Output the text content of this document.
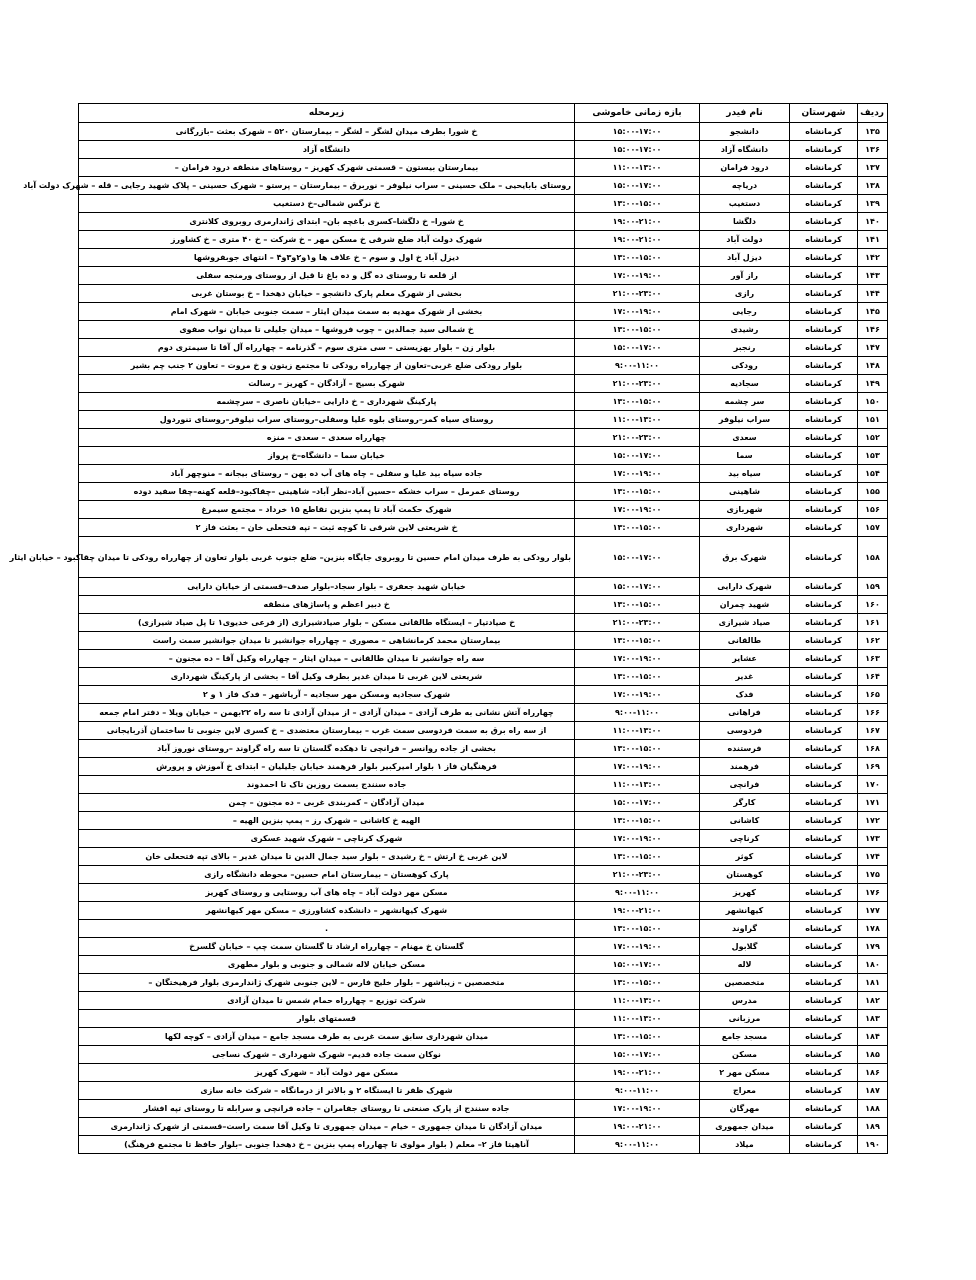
ردیف	شهرستان	نام فیدر	بازه زمانی خاموشی	زیرمحله
۱۳۵	کرمانشاه	دانشجو	۱۵:۰۰-۱۷:۰۰	خ شورا بطرف میدان لشگر – لشگر – بیمارستان ۵۲۰ – شهرک بعثت –بازرگانی
۱۳۶	کرمانشاه	دانشگاه آزاد	۱۵:۰۰-۱۷:۰۰	دانشگاه آزاد
۱۳۷	کرمانشاه	درود فرامان	۱۱:۰۰-۱۳:۰۰	بیمارستان بیستون – قسمتی شهرک کهریز – روستاهای منطقه درود فرامان –
۱۳۸	کرمانشاه	دریاچه	۱۵:۰۰-۱۷:۰۰	روستای بابایحیی – ملک حسینی – سراب نیلوفر – نوربرق – بیمارستان – پرستو – شهرک حسینی – پلاک شهید رجایی – قله – شهرک دولت آباد
۱۳۹	کرمانشاه	دستغیب	۱۳:۰۰-۱۵:۰۰	خ نرگس شمالی–خ دستغیب
۱۴۰	کرمانشاه	دلگشا	۱۹:۰۰-۲۱:۰۰	خ شورا– خ دلگشا–کسری باغچه بان– ابتدای ژاندارمری روبروی کلانتری
۱۴۱	کرمانشاه	دولت آباد	۱۹:۰۰-۲۱:۰۰	شهرک دولت آباد ضلع شرقی خ مسکن مهر – خ شرکت – خ ۴۰ متری – خ کشاورز
۱۴۲	کرمانشاه	دیزل آباد	۱۳:۰۰-۱۵:۰۰	دیزل آباد خ اول و سوم – خ علاف ها و۱و۲و۳و۴ – انتهای جوبفروشها
۱۴۳	کرمانشاه	راز آور	۱۷:۰۰-۱۹:۰۰	از قلعه تا روستای ده گل و ده باغ تا قبل از روستای ورمنجه سفلی
۱۴۴	کرمانشاه	رازی	۲۱:۰۰-۲۳:۰۰	بخشی از شهرک معلم پارک دانشجو – خیابان دهخدا – خ بوستان غربی
۱۴۵	کرمانشاه	رجایی	۱۷:۰۰-۱۹:۰۰	بخشی از شهرک مهدیه به سمت میدان ایثار – سمت جنوبی خیابان – شهرک امام
۱۴۶	کرمانشاه	رشیدی	۱۳:۰۰-۱۵:۰۰	خ شمالی سید جمالدین – چوب فروشها – میدان جلیلی تا میدان نواب صفوی
۱۴۷	کرمانشاه	رنجبر	۱۵:۰۰-۱۷:۰۰	بلوار زن – بلوار بهزیستی – سی متری سوم – گذرنامه – چهارراه آل آقا تا سیمتری دوم
۱۴۸	کرمانشاه	رودکی	۹:۰۰-۱۱:۰۰	بلوار رودکی ضلع غربی–تعاون از چهارراه رودکی تا مجتمع زیتون و خ مروت – تعاون ۲ جنب چم بشیر
۱۴۹	کرمانشاه	سجادیه	۲۱:۰۰-۲۳:۰۰	شهرک بسیج – آزادگان – کهریز – رسالت
۱۵۰	کرمانشاه	سر چشمه	۱۳:۰۰-۱۵:۰۰	پارکینگ شهرداری – خ دارایی –خیابان ناصری – سرچشمه
۱۵۱	کرمانشاه	سراب نیلوفر	۱۱:۰۰-۱۳:۰۰	روستای سیاه کمر–روستای بلوه علیا وسفلی–روستای سراب نیلوفر–روستای تنوردول
۱۵۲	کرمانشاه	سعدی	۲۱:۰۰-۲۳:۰۰	چهارراه سعدی – سعدی – منزه
۱۵۳	کرمانشاه	سما	۱۵:۰۰-۱۷:۰۰	خیابان سما – دانشگاه–خ پرواز
۱۵۴	کرمانشاه	سیاه بید	۱۷:۰۰-۱۹:۰۰	جاده سیاه بید علیا و سفلی – چاه های آب ده بهن – روستای بیجانه – منوچهر آباد
۱۵۵	کرمانشاه	شاهینی	۱۳:۰۰-۱۵:۰۰	روستای عمرمل – سراب خشکه –حسین آباد–نظر آباد– شاهینی –چقاکبود–قلعه کهنه–چقا سفید دوده
۱۵۶	کرمانشاه	شهربازی	۱۷:۰۰-۱۹:۰۰	شهرک حکمت آباد تا پمپ بنزین تقاطع ۱۵ خرداد – مجتمع سیمرغ
۱۵۷	کرمانشاه	شهرداری	۱۳:۰۰-۱۵:۰۰	خ شریعتی لاین شرقی تا کوچه ثبت – تپه فتحعلی خان – بعثت فاز ۲
۱۵۸	کرمانشاه	شهرک برق	۱۵:۰۰-۱۷:۰۰	بلوار رودکی به طرف میدان امام حسین تا روبروی جایگاه بنزین– ضلع جنوب غربی بلوار تعاون از چهارراه رودکی تا میدان چقاکبود – خیابان ایثار
۱۵۹	کرمانشاه	شهرک دارایی	۱۵:۰۰-۱۷:۰۰	خیابان شهید جعفری – بلوار سجاد–بلوار صدف–قسمتی از خیابان دارایی
۱۶۰	کرمانشاه	شهید چمران	۱۳:۰۰-۱۵:۰۰	خ دبیر اعظم و پاساژهای منطقه
۱۶۱	کرمانشاه	صیاد شیرازی	۲۱:۰۰-۲۳:۰۰	خ صیادتیار – ایستگاه طالقانی مسکن – بلوار صیادشیرازی (از فرعی خدیوی۱ تا پل صیاد شیرازی)
۱۶۲	کرمانشاه	طالقانی	۱۳:۰۰-۱۵:۰۰	بیمارستان محمد کرمانشاهی – مصوری – چهارراه جوانشیر تا میدان جوانشیر سمت راست
۱۶۳	کرمانشاه	عشایر	۱۷:۰۰-۱۹:۰۰	سه راه جوانشیر تا میدان طالقانی – میدان ایثار – چهارراه وکیل آقا – ده مجنون –
۱۶۴	کرمانشاه	غدیر	۱۳:۰۰-۱۵:۰۰	شریعتی لاین غربی تا میدان غدیر بطرف وکیل آقا – بخشی از پارکینگ شهرداری
۱۶۵	کرمانشاه	فدک	۱۷:۰۰-۱۹:۰۰	شهرک سجادیه ومسکن مهر سجادیه – آریاشهر – فدک فاز ۱ و ۲
۱۶۶	کرمانشاه	فراهانی	۹:۰۰-۱۱:۰۰	چهارراه آتش نشانی به طرف آزادی – میدان آزادی – از میدان آزادی تا سه راه ۲۲بهمن – خیابان ویلا – دفتر امام جمعه
۱۶۷	کرمانشاه	فردوسی	۱۱:۰۰-۱۳:۰۰	از سه راه برق به سمت فردوسی سمت غرب – بیمارستان معتضدی – خ کسری لاین جنوبی تا ساختمان آذربایجانی
۱۶۸	کرمانشاه	فرستنده	۱۳:۰۰-۱۵:۰۰	بخشی از جاده روانسر – فرانچی تا دهکده گلستان تا سه راه گراوند –روستای نوروز آباد
۱۶۹	کرمانشاه	فرهمند	۱۷:۰۰-۱۹:۰۰	فرهنگیان فاز ۱ بلوار امیرکبیر بلوار فرهمند خیابان جلیلیان – ابتدای خ آموزش و پرورش
۱۷۰	کرمانشاه	فرانچی	۱۱:۰۰-۱۳:۰۰	جاده سنندج بسمت روزین تاک تا احمدوند
۱۷۱	کرمانشاه	کارگر	۱۵:۰۰-۱۷:۰۰	میدان آزادگان – کمربندی غربی – ده مجنون – چمن
۱۷۲	کرمانشاه	کاشانی	۱۳:۰۰-۱۵:۰۰	الهیه خ کاشانی – شهرک رز – پمپ بنزین الهیه –
۱۷۳	کرمانشاه	کرناچی	۱۷:۰۰-۱۹:۰۰	شهرک کرناچی – شهرک شهید عسکری
۱۷۴	کرمانشاه	کوثر	۱۳:۰۰-۱۵:۰۰	لاین غربی خ ارتش – خ رشیدی – بلوار سید جمال الدین تا میدان غدیر – بالای تپه فتحعلی خان
۱۷۵	کرمانشاه	کوهستان	۲۱:۰۰-۲۳:۰۰	پارک کوهستان – بیمارستان امام حسین– محوطه دانشگاه رازی
۱۷۶	کرمانشاه	کهریز	۹:۰۰-۱۱:۰۰	مسکن مهر دولت آباد – چاه های آب روستایی و روستای کهریز
۱۷۷	کرمانشاه	کیهانشهر	۱۹:۰۰-۲۱:۰۰	شهرک کیهانشهر – دانشکده کشاورزی – مسکن مهر کیهانشهر
۱۷۸	کرمانشاه	گراوند	۱۳:۰۰-۱۵:۰۰	.
۱۷۹	کرمانشاه	گلابول	۱۷:۰۰-۱۹:۰۰	گلستان خ مهنام – چهارراه ارشاد تا گلستان سمت چپ – خیابان گلسرخ
۱۸۰	کرمانشاه	لاله	۱۵:۰۰-۱۷:۰۰	مسکن خیابان لاله شمالی و جنوبی و بلوار مطهری
۱۸۱	کرمانشاه	متخصصین	۱۳:۰۰-۱۵:۰۰	متخصصین – زیباشهر – بلوار خلیج فارس – لاین جنوبی شهرک ژاندارمری بلوار فرهیختگان –
۱۸۲	کرمانشاه	مدرس	۱۱:۰۰-۱۳:۰۰	شرکت توزیع – چهارراه حمام شمس تا میدان آزادی
۱۸۳	کرمانشاه	مرزبانی	۱۱:۰۰-۱۳:۰۰	قسمتهای بلوار
۱۸۴	کرمانشاه	مسجد جامع	۱۳:۰۰-۱۵:۰۰	میدان شهرداری سابق سمت غربی به طرف مسجد جامع – میدان آزادی – کوچه لکها
۱۸۵	کرمانشاه	مسکن	۱۵:۰۰-۱۷:۰۰	نوکان سمت جاده قدیم– شهرک شهرداری – شهرک نساجی
۱۸۶	کرمانشاه	مسکن مهر ۲	۱۹:۰۰-۲۱:۰۰	مسکن مهر دولت آباد – شهرک کهریز
۱۸۷	کرمانشاه	معراج	۹:۰۰-۱۱:۰۰	شهرک ظفر تا ایستگاه ۲ و بالاتر از درمانگاه – شرکت خانه سازی
۱۸۸	کرمانشاه	مهرگان	۱۷:۰۰-۱۹:۰۰	جاده سنندج از پارک صنعتی تا روستای جفامران – جاده فرانچی و سرابله تا روستای تپه افشار
۱۸۹	کرمانشاه	میدان جمهوری	۱۹:۰۰-۲۱:۰۰	میدان آزادگان تا میدان جمهوری – خیام – میدان جمهوری تا وکیل آقا سمت راست–قسمتی از شهرک ژاندارمری
۱۹۰	کرمانشاه	میلاد	۹:۰۰-۱۱:۰۰	آناهیتا فاز ۲– معلم ( بلوار مولوی تا چهارراه پمپ بنزین – خ دهخدا جنوبی –بلوار حافظ تا مجتمع فرهنگ)
